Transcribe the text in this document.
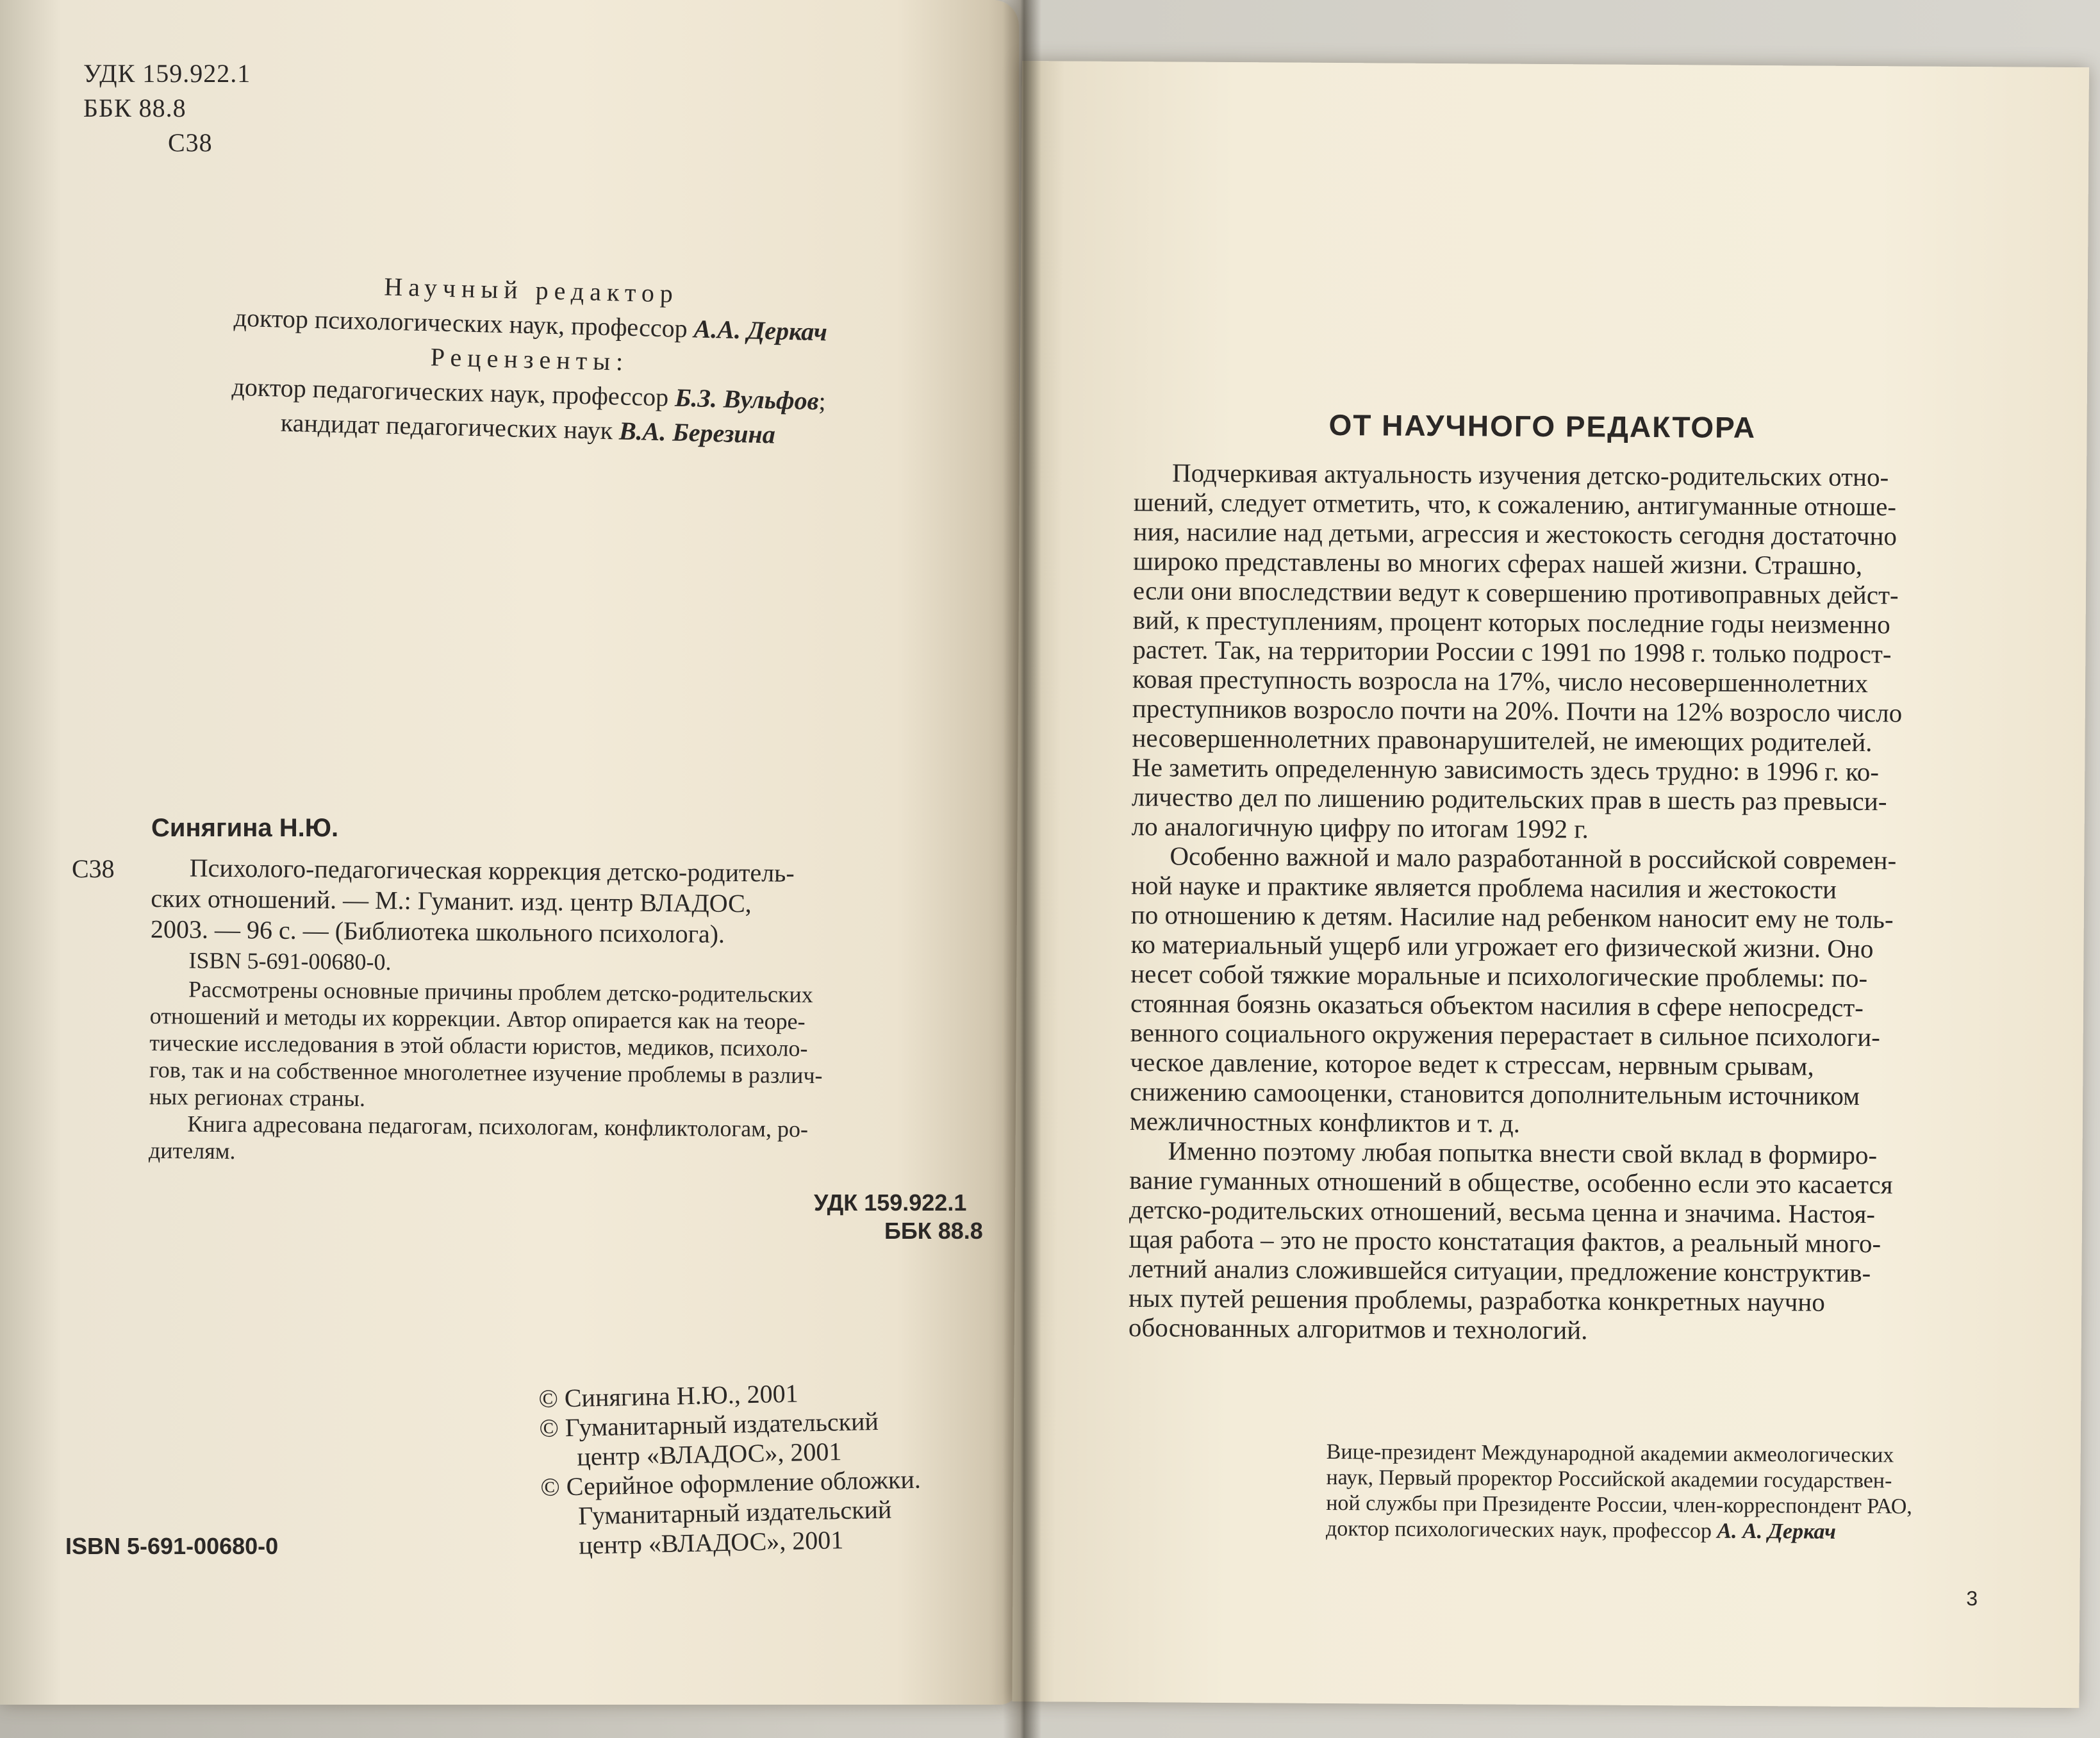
УДК 159.922.1
ББК 88.8
С38
Научный редактор
доктор психологических наук, профессор А.А. Деркач
Рецензенты:
доктор педагогических наук, профессор Б.З. Вульфов;
кандидат педагогических наук В.А. Березина
Синягина Н.Ю.
С38	Психолого-педагогическая коррекция детско-родитель-
ских отношений. — М.: Гуманит. изд. центр ВЛАДОС,
2003. — 96 с. — (Библиотека школьного психолога).
ISBN 5-691-00680-0.
Рассмотрены основные причины проблем детско-родительских
отношений и методы их коррекции. Автор опирается как на теоре-
тические исследования в этой области юристов, медиков, психоло-
гов, так и на собственное многолетнее изучение проблемы в различ-
ных регионах страны.
Книга адресована педагогам, психологам, конфликтологам, ро-
дителям.
УДК 159.922.1
ББК 88.8
© Синягина Н.Ю., 2001
© Гуманитарный издательский
центр «ВЛАДОС», 2001
© Серийное оформление обложки.
Гуманитарный издательский
центр «ВЛАДОС», 2001
ISBN 5-691-00680-0
ОТ НАУЧНОГО РЕДАКТОРА
Подчеркивая актуальность изучения детско-родительских отно-
шений, следует отметить, что, к сожалению, антигуманные отноше-
ния, насилие над детьми, агрессия и жестокость сегодня достаточно
широко представлены во многих сферах нашей жизни. Страшно,
если они впоследствии ведут к совершению противоправных дейст-
вий, к преступлениям, процент которых последние годы неизменно
растет. Так, на территории России с 1991 по 1998 г. только подрост-
ковая преступность возросла на 17%, число несовершеннолетних
преступников возросло почти на 20%. Почти на 12% возросло число
несовершеннолетних правонарушителей, не имеющих родителей.
Не заметить определенную зависимость здесь трудно: в 1996 г. ко-
личество дел по лишению родительских прав в шесть раз превыси-
ло аналогичную цифру по итогам 1992 г.
Особенно важной и мало разработанной в российской современ-
ной науке и практике является проблема насилия и жестокости
по отношению к детям. Насилие над ребенком наносит ему не толь-
ко материальный ущерб или угрожает его физической жизни. Оно
несет собой тяжкие моральные и психологические проблемы: по-
стоянная боязнь оказаться объектом насилия в сфере непосредст-
венного социального окружения перерастает в сильное психологи-
ческое давление, которое ведет к стрессам, нервным срывам,
снижению самооценки, становится дополнительным источником
межличностных конфликтов и т. д.
Именно поэтому любая попытка внести свой вклад в формиро-
вание гуманных отношений в обществе, особенно если это касается
детско-родительских отношений, весьма ценна и значима. Настоя-
щая работа – это не просто констатация фактов, а реальный много-
летний анализ сложившейся ситуации, предложение конструктив-
ных путей решения проблемы, разработка конкретных научно
обоснованных алгоритмов и технологий.
Вице-президент Международной академии акмеологических
наук, Первый проректор Российской академии государствен-
ной службы при Президенте России, член-корреспондент РАО,
доктор психологических наук, профессор А. А. Деркач
3
